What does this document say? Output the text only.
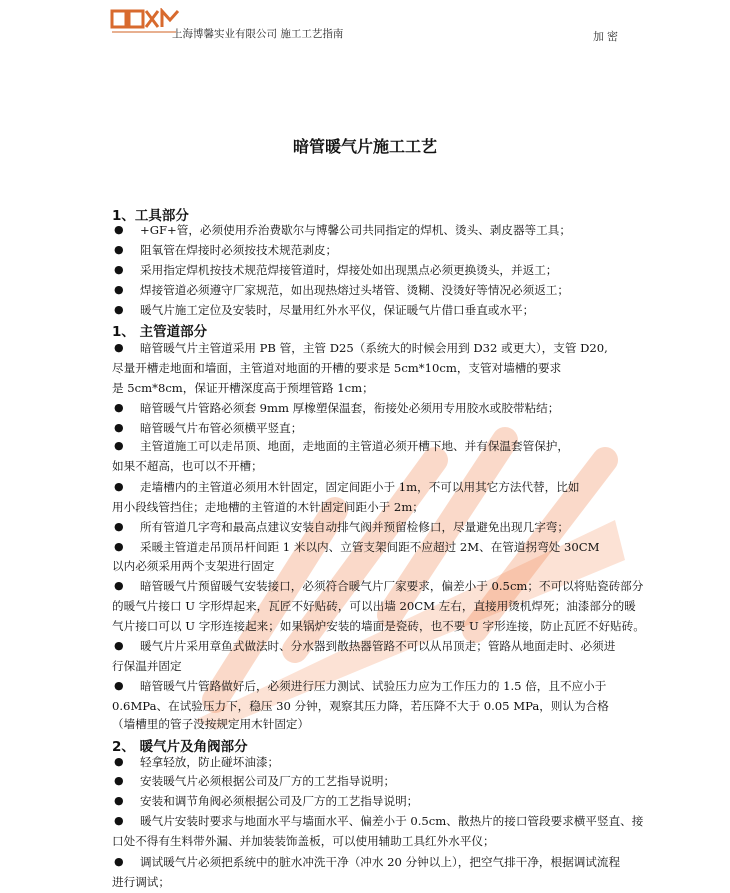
上海博馨实业有限公司 施工工艺指南	加密
暗管暖气片施工工艺
1、工具部分
● +GF+管，必须使用乔治费歇尔与博馨公司共同指定的焊机、烫头、剥皮器等工具；
● 阻氧管在焊接时必须按技术规范剥皮；
● 采用指定焊机按技术规范焊接管道时，焊接处如出现黑点必须更换烫头，并返工；
● 焊接管道必须遵守厂家规范，如出现热熔过头堵管、烫糊、没烫好等情况必须返工；
● 暖气片施工定位及安装时，尽量用红外水平仪，保证暖气片借口垂直或水平；
1、 主管道部分
● 暗管暖气片主管道采用 PB 管，主管 D25（系统大的时候会用到 D32 或更大），支管 D20,
尽量开槽走地面和墙面，主管道对地面的开槽的要求是 5cm*10cm，支管对墙槽的要求
是 5cm*8cm，保证开槽深度高于预埋管路 1cm；
● 暗管暖气片管路必须套 9mm 厚橡塑保温套，衔接处必须用专用胶水或胶带粘结；
● 暗管暖气片布管必须横平竖直；
● 主管道施工可以走吊顶、地面，走地面的主管道必须开槽下地、并有保温套管保护，
如果不超高，也可以不开槽；
● 走墙槽内的主管道必须用木针固定，固定间距小于 1m，不可以用其它方法代替，比如
用小段线管挡住；走地槽的主管道的木针固定间距小于 2m；
● 所有管道几字弯和最高点建议安装自动排气阀并预留检修口，尽量避免出现几字弯；
● 采暖主管道走吊顶吊杆间距 1 米以内、立管支架间距不应超过 2M、在管道拐弯处 30CM
以内必须采用两个支架进行固定
● 暗管暖气片预留暖气安装接口，必须符合暖气片厂家要求，偏差小于 0.5cm；不可以将贴瓷砖部分
的暖气片接口 U 字形焊起来，瓦匠不好贴砖，可以出墙 20CM 左右，直接用烫机焊死；油漆部分的暖
气片接口可以 U 字形连接起来；如果锅炉安装的墙面是瓷砖，也不要 U 字形连接，防止瓦匠不好贴砖。
● 暖气片片采用章鱼式做法时、分水器到散热器管路不可以从吊顶走；管路从地面走时、必须进
行保温并固定
● 暗管暖气片管路做好后，必须进行压力测试、试验压力应为工作压力的 1.5 倍，且不应小于
0.6MPa、在试验压力下，稳压 30 分钟，观察其压力降，若压降不大于 0.05 MPa，则认为合格
（墙槽里的管子没按规定用木针固定）
2、 暖气片及角阀部分
● 轻拿轻放，防止碰坏油漆；
● 安装暖气片必须根据公司及厂方的工艺指导说明；
● 安装和调节角阀必须根据公司及厂方的工艺指导说明；
● 暖气片安装时要求与地面水平与墙面水平、偏差小于 0.5cm、散热片的接口管段要求横平竖直、接
口处不得有生料带外漏、并加装装饰盖板，可以使用辅助工具红外水平仪；
● 调试暖气片必须把系统中的脏水冲洗干净（冲水 20 分钟以上），把空气排干净，根据调试流程
进行调试；
